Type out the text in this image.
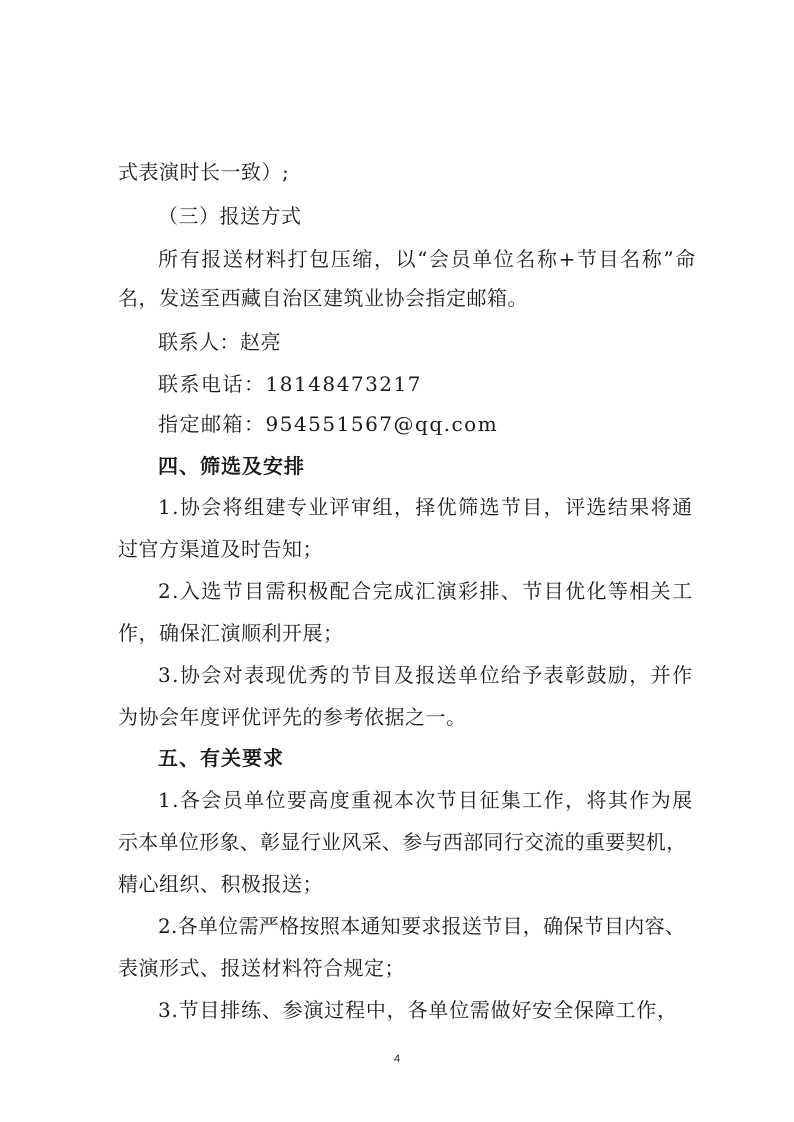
式表演时长一致）;
（三）报送方式
所有报送材料打包压缩，以“会员单位名称+节目名称”命
名，发送至西藏自治区建筑业协会指定邮箱。
联系人：赵亮
联系电话：18148473217
指定邮箱：954551567@qq.com
四、筛选及安排
1.协会将组建专业评审组，择优筛选节目，评选结果将通
过官方渠道及时告知；
2.入选节目需积极配合完成汇演彩排、节目优化等相关工
作，确保汇演顺利开展；
3.协会对表现优秀的节目及报送单位给予表彰鼓励，并作
为协会年度评优评先的参考依据之一。
五、有关要求
1.各会员单位要高度重视本次节目征集工作，将其作为展
示本单位形象、彰显行业风采、参与西部同行交流的重要契机，
精心组织、积极报送；
2.各单位需严格按照本通知要求报送节目，确保节目内容、
表演形式、报送材料符合规定；
3.节目排练、参演过程中，各单位需做好安全保障工作，
4
